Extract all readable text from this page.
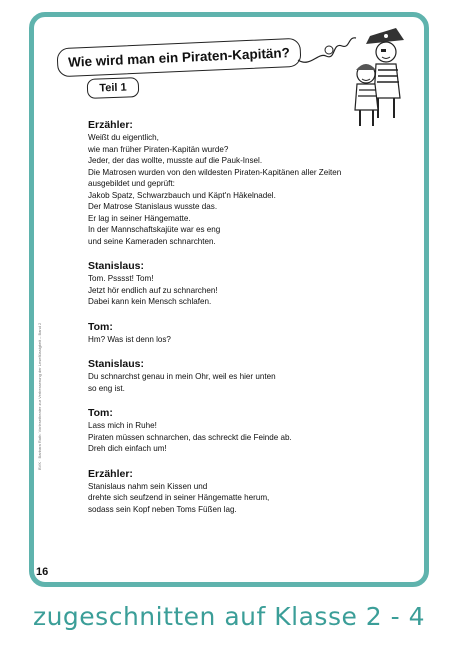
Wie wird man ein Piraten-Kapitän?
Teil 1
BVK · Barbara Rath: Vorlesetheater zur Verbesserung der Leseflüssigkeit – Band 2
Erzähler:
Weißt du eigentlich,
wie man früher Piraten-Kapitän wurde?
Jeder, der das wollte, musste auf die Pauk-Insel.
Die Matrosen wurden von den wildesten Piraten-Kapitänen aller Zeiten
ausgebildet und geprüft:
Jakob Spatz, Schwarzbauch und Käpt'n Häkelnadel.
Der Matrose Stanislaus wusste das.
Er lag in seiner Hängematte.
In der Mannschaftskajüte war es eng
und seine Kameraden schnarchten.
Stanislaus:
Tom. Psssst! Tom!
Jetzt hör endlich auf zu schnarchen!
Dabei kann kein Mensch schlafen.
Tom:
Hm? Was ist denn los?
Stanislaus:
Du schnarchst genau in mein Ohr, weil es hier unten
so eng ist.
Tom:
Lass mich in Ruhe!
Piraten müssen schnarchen, das schreckt die Feinde ab.
Dreh dich einfach um!
Erzähler:
Stanislaus nahm sein Kissen und
drehte sich seufzend in seiner Hängematte herum,
sodass sein Kopf neben Toms Füßen lag.
16
zugeschnitten auf Klasse 2 - 4
